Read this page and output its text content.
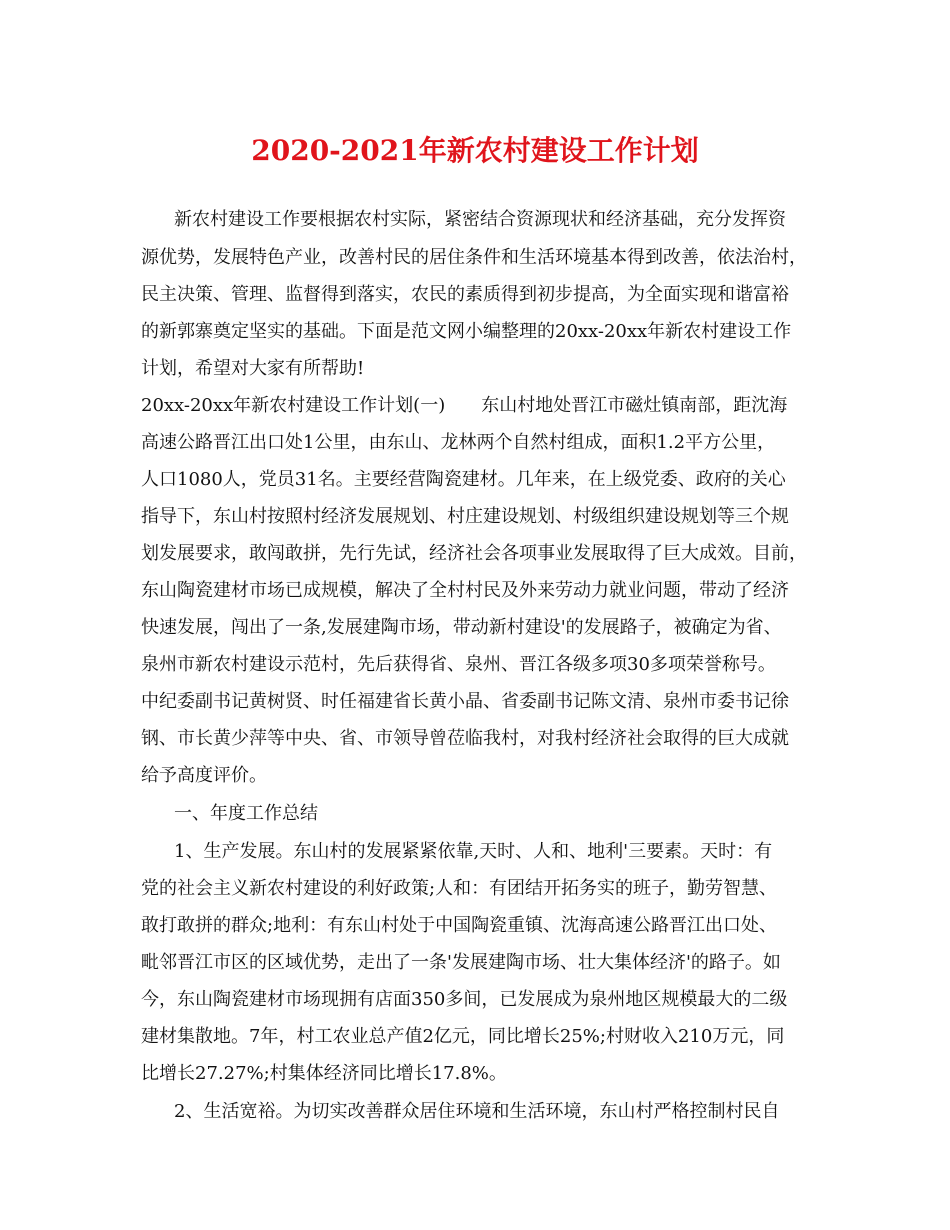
2020-2021年新农村建设工作计划
新农村建设工作要根据农村实际，紧密结合资源现状和经济基础，充分发挥资
源优势，发展特色产业，改善村民的居住条件和生活环境基本得到改善，依法治村，
民主决策、管理、监督得到落实，农民的素质得到初步提高，为全面实现和谐富裕
的新郭寨奠定坚实的基础。下面是范文网小编整理的20xx-20xx年新农村建设工作
计划，希望对大家有所帮助!
20xx-20xx年新农村建设工作计划(一)　　东山村地处晋江市磁灶镇南部，距沈海
高速公路晋江出口处1公里，由东山、龙林两个自然村组成，面积1.2平方公里，
人口1080人，党员31名。主要经营陶瓷建材。几年来，在上级党委、政府的关心
指导下，东山村按照村经济发展规划、村庄建设规划、村级组织建设规划等三个规
划发展要求，敢闯敢拼，先行先试，经济社会各项事业发展取得了巨大成效。目前，
东山陶瓷建材市场已成规模，解决了全村村民及外来劳动力就业问题，带动了经济
快速发展，闯出了一条,发展建陶市场，带动新村建设'的发展路子，被确定为省、
泉州市新农村建设示范村，先后获得省、泉州、晋江各级多项30多项荣誉称号。
中纪委副书记黄树贤、时任福建省长黄小晶、省委副书记陈文清、泉州市委书记徐
钢、市长黄少萍等中央、省、市领导曾莅临我村，对我村经济社会取得的巨大成就
给予高度评价。
一、年度工作总结
1、生产发展。东山村的发展紧紧依靠,天时、人和、地利'三要素。天时：有
党的社会主义新农村建设的利好政策;人和：有团结开拓务实的班子，勤劳智慧、
敢打敢拼的群众;地利：有东山村处于中国陶瓷重镇、沈海高速公路晋江出口处、
毗邻晋江市区的区域优势，走出了一条'发展建陶市场、壮大集体经济'的路子。如
今，东山陶瓷建材市场现拥有店面350多间，已发展成为泉州地区规模最大的二级
建材集散地。7年，村工农业总产值2亿元，同比增长25%;村财收入210万元，同
比增长27.27%;村集体经济同比增长17.8%。
2、生活宽裕。为切实改善群众居住环境和生活环境，东山村严格控制村民自
